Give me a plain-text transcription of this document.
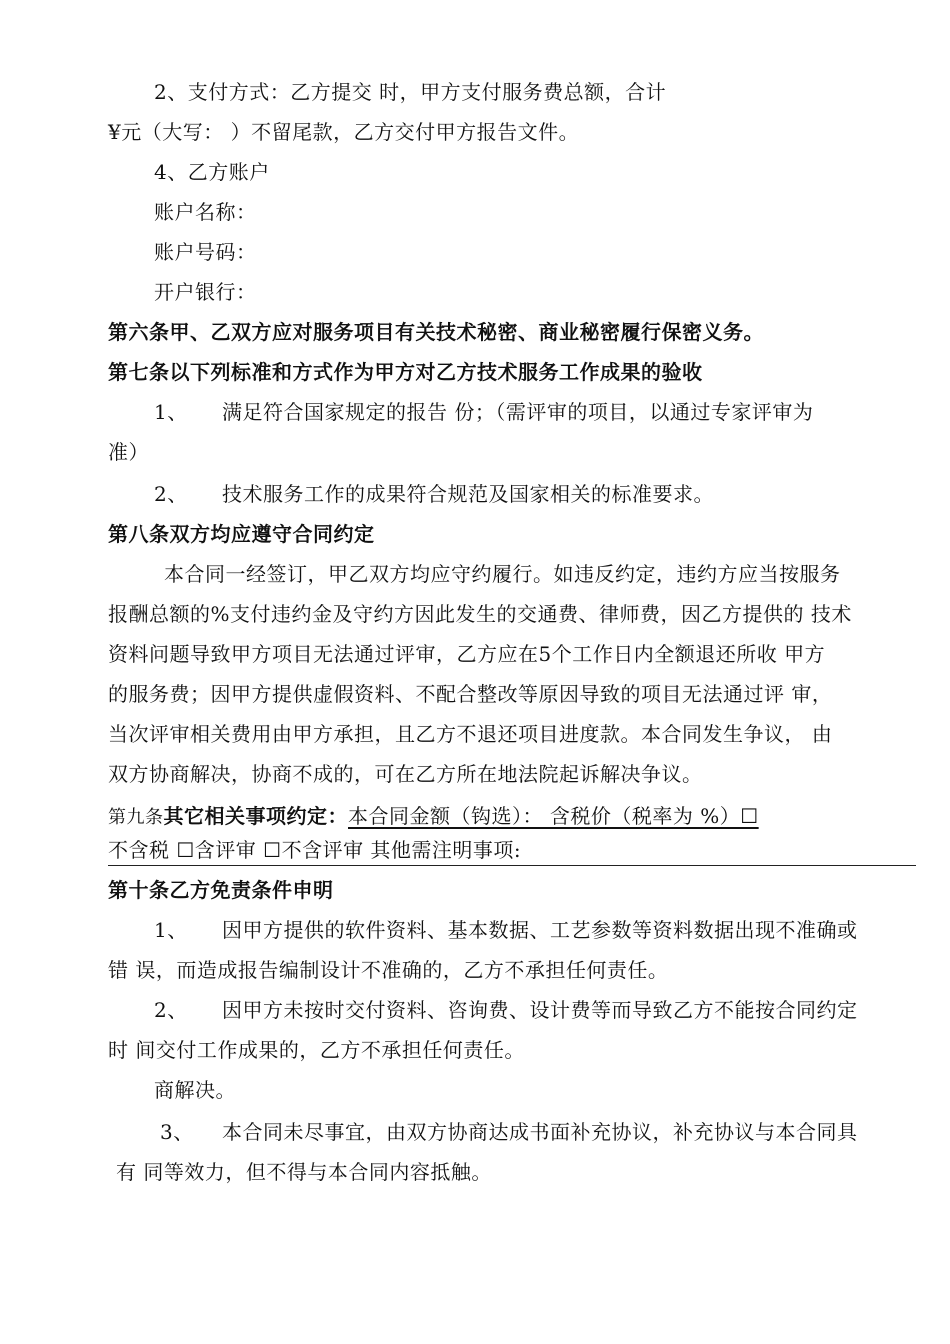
2、支付方式：乙方提交 时，甲方支付服务费总额，合计
¥元（大写： ）不留尾款，乙方交付甲方报告文件。
4、乙方账户
账户名称：
账户号码：
开户银行：
第六条甲、乙双方应对服务项目有关技术秘密、商业秘密履行保密义务。
第七条以下列标准和方式作为甲方对乙方技术服务工作成果的验收
1、 满足符合国家规定的报告 份；（需评审的项目，以通过专家评审为
准）
2、 技术服务工作的成果符合规范及国家相关的标准要求。
第八条双方均应遵守合同约定
本合同一经签订，甲乙双方均应守约履行。如违反约定，违约方应当按服务
报酬总额的%支付违约金及守约方因此发生的交通费、律师费，因乙方提供的 技术
资料问题导致甲方项目无法通过评审，乙方应在5个工作日内全额退还所收 甲方
的服务费；因甲方提供虚假资料、不配合整改等原因导致的项目无法通过评 审，
当次评审相关费用由甲方承担，且乙方不退还项目进度款。本合同发生争议， 由
双方协商解决，协商不成的，可在乙方所在地法院起诉解决争议。
第九条其它相关事项约定：本合同金额（钩选）： 含税价（税率为 %）☐
不含税 ☐含评审 ☐不含评审 其他需注明事项:
第十条乙方免责条件申明
1、 因甲方提供的软件资料、基本数据、工艺参数等资料数据出现不准确或
错 误，而造成报告编制设计不准确的，乙方不承担任何责任。
2、 因甲方未按时交付资料、咨询费、设计费等而导致乙方不能按合同约定
时 间交付工作成果的，乙方不承担任何责任。
商解决。
3、 本合同未尽事宜，由双方协商达成书面补充协议，补充协议与本合同具
有 同等效力，但不得与本合同内容抵触。
